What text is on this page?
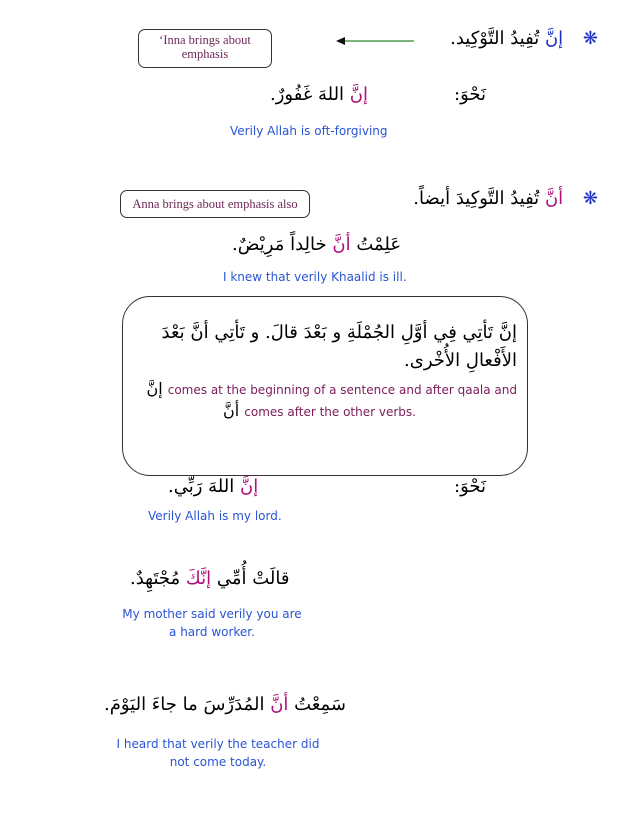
‘Inna brings about emphasis
❋ إنَّ تُفِيدُ التَّوْكِيد.
نَحْوَ:
إنَّ اللهَ غَفُورٌ.
Verily Allah is oft-forgiving
Anna brings about emphasis also	❋ أنَّ تُفِيدُ التَّوكِيدَ أيضاً.
عَلِمْتُ أنَّ خالِداً مَرِيْضٌ.
I knew that verily Khaalid is ill.
إنَّ تَأتِي فِي أوَّلِ الجُمْلَةِ و بَعْدَ قالَ. و تَأتِي أنَّ بَعْدَ الأَفْعالِ الأُخْرى.
إنَّ comes at the beginning of a sentence and after qaala and
أنَّ comes after the other verbs.
نَحْوَ:
إنَّ اللهَ رَبِّي.
Verily Allah is my lord.
قالَتْ أُمِّي إنَّكَ مُجْتَهِدٌ.
My mother said verily you are
a hard worker.
سَمِعْتُ أنَّ المُدَرِّسَ ما جاءَ اليَوْمَ.
I heard that verily the teacher did
not come today.
